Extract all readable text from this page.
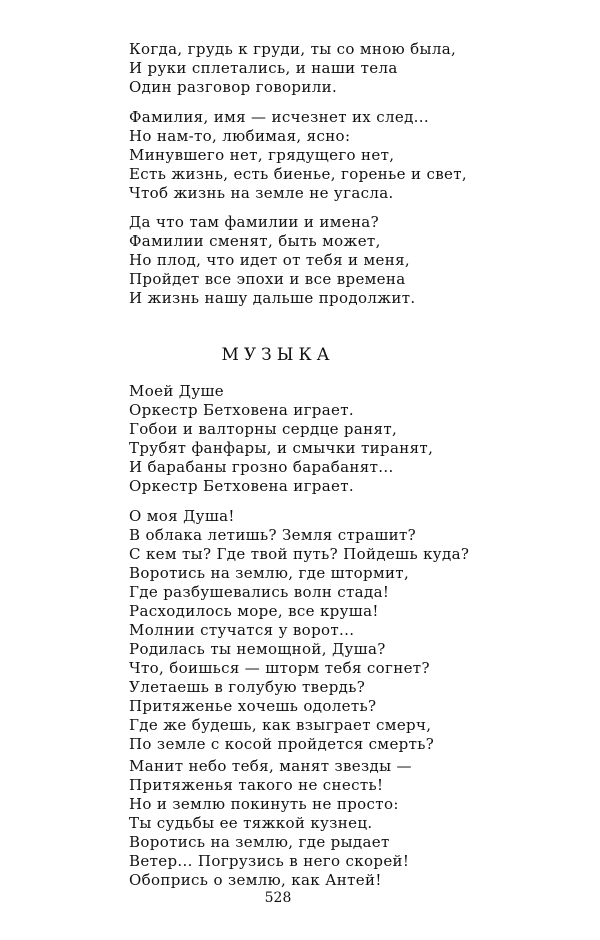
Когда, грудь к груди, ты со мною была,
И руки сплетались, и наши тела
Один разговор говорили.
Фамилия, имя — исчезнет их след...
Но нам-то, любимая, ясно:
Минувшего нет, грядущего нет,
Есть жизнь, есть биенье, горенье и свет,
Чтоб жизнь на земле не угасла.
Да что там фамилии и имена?
Фамилии сменят, быть может,
Но плод, что идет от тебя и меня,
Пройдет все эпохи и все времена
И жизнь нашу дальше продолжит.
МУЗЫКА
Моей Душе
Оркестр Бетховена играет.
Гобои и валторны сердце ранят,
Трубят фанфары, и смычки тиранят,
И барабаны грозно барабанят...
Оркестр Бетховена играет.
О моя Душа!
В облака летишь? Земля страшит?
С кем ты? Где твой путь? Пойдешь куда?
Воротись на землю, где штормит,
Где разбушевались волн стада!
Расходилось море, все круша!
Молнии стучатся у ворот...
Родилась ты немощной, Душа?
Что, боишься — шторм тебя согнет?
Улетаешь в голубую твердь?
Притяженье хочешь одолеть?
Где же будешь, как взыграет смерч,
По земле с косой пройдется смерть?
Манит небо тебя, манят звезды —
Притяженья такого не снесть!
Но и землю покинуть не просто:
Ты судьбы ее тяжкой кузнец.
Воротись на землю, где рыдает
Ветер... Погрузись в него скорей!
Обопрись о землю, как Антей!
528
